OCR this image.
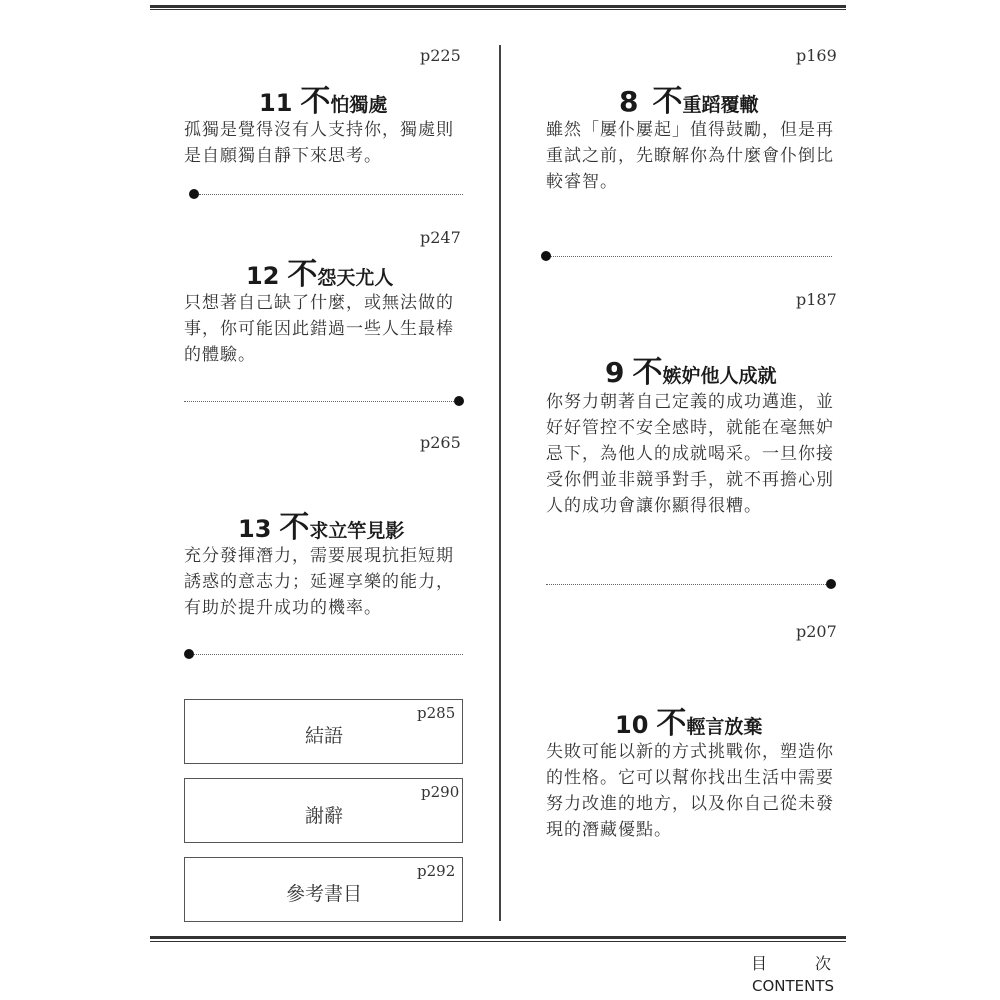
p225
11 不怕獨處
孤獨是覺得沒有人支持你，獨處則
是自願獨自靜下來思考。
p247
12 不怨天尤人
只想著自己缺了什麼，或無法做的
事，你可能因此錯過一些人生最棒
的體驗。
p265
13 不求立竿見影
充分發揮潛力，需要展現抗拒短期
誘惑的意志力；延遲享樂的能力，
有助於提升成功的機率。
p285
結語
p290
謝辭
p292
參考書目
p169
8 不重蹈覆轍
雖然「屢仆屢起」值得鼓勵，但是再
重試之前，先瞭解你為什麼會仆倒比
較睿智。
p187
9 不嫉妒他人成就
你努力朝著自己定義的成功邁進，並
好好管控不安全感時，就能在毫無妒
忌下，為他人的成就喝采。一旦你接
受你們並非競爭對手，就不再擔心別
人的成功會讓你顯得很糟。
p207
10 不輕言放棄
失敗可能以新的方式挑戰你，塑造你
的性格。它可以幫你找出生活中需要
努力改進的地方，以及你自己從未發
現的潛藏優點。
目	次
CONTENTS
